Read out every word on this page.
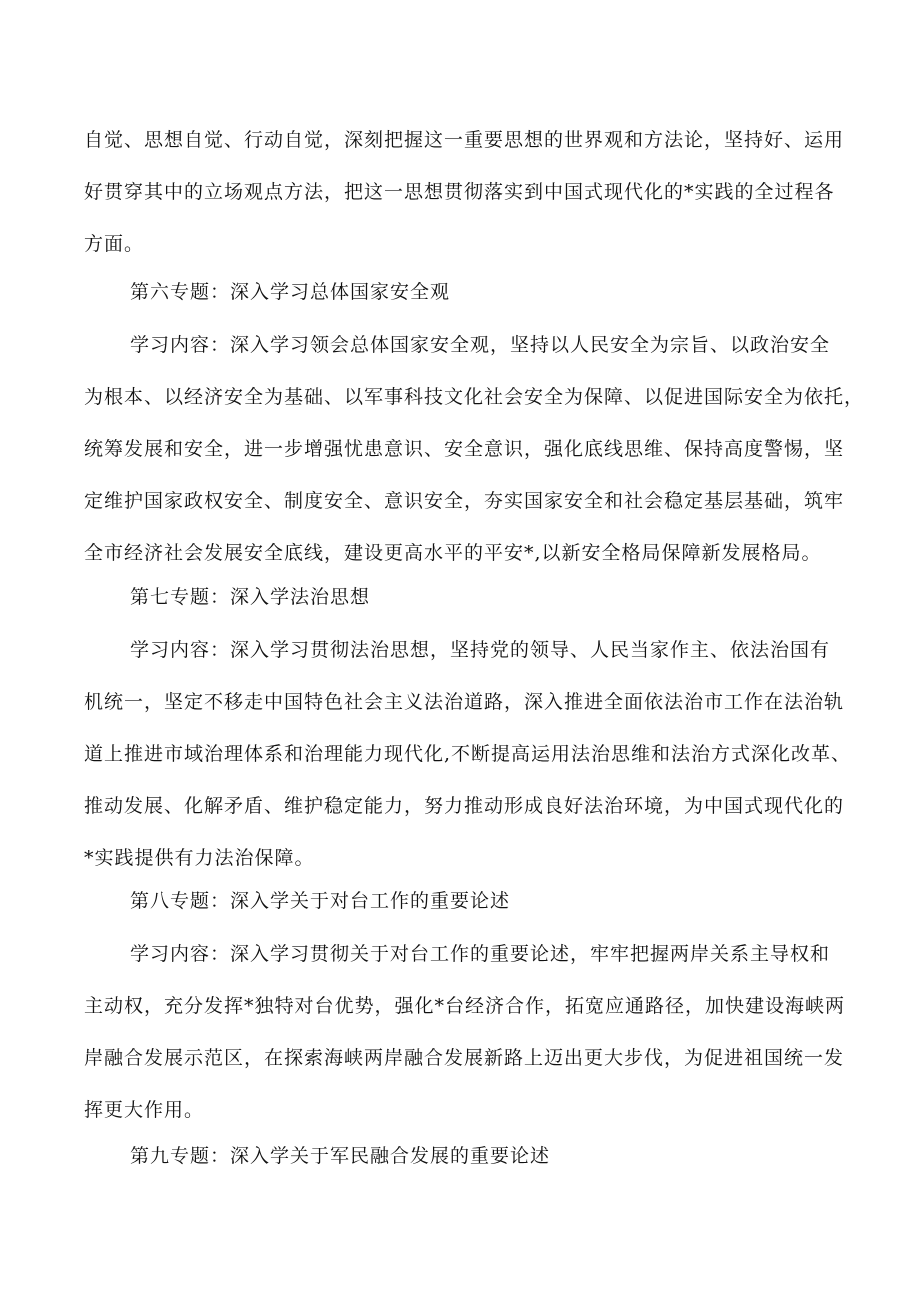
自觉、思想自觉、行动自觉，深刻把握这一重要思想的世界观和方法论，坚持好、运用
好贯穿其中的立场观点方法，把这一思想贯彻落实到中国式现代化的*实践的全过程各
方面。

第六专题：深入学习总体国家安全观

学习内容：深入学习领会总体国家安全观，坚持以人民安全为宗旨、以政治安全
为根本、以经济安全为基础、以军事科技文化社会安全为保障、以促进国际安全为依托，
统筹发展和安全，进一步增强忧患意识、安全意识，强化底线思维、保持高度警惕，坚
定维护国家政权安全、制度安全、意识安全，夯实国家安全和社会稳定基层基础，筑牢
全市经济社会发展安全底线，建设更高水平的平安*,以新安全格局保障新发展格局。

第七专题：深入学法治思想

学习内容：深入学习贯彻法治思想，坚持党的领导、人民当家作主、依法治国有
机统一，坚定不移走中国特色社会主义法治道路，深入推进全面依法治市工作在法治轨
道上推进市域治理体系和治理能力现代化,不断提高运用法治思维和法治方式深化改革、
推动发展、化解矛盾、维护稳定能力，努力推动形成良好法治环境，为中国式现代化的
*实践提供有力法治保障。

第八专题：深入学关于对台工作的重要论述

学习内容：深入学习贯彻关于对台工作的重要论述，牢牢把握两岸关系主导权和
主动权，充分发挥*独特对台优势，强化*台经济合作，拓宽应通路径，加快建设海峡两
岸融合发展示范区，在探索海峡两岸融合发展新路上迈出更大步伐，为促进祖国统一发
挥更大作用。

第九专题：深入学关于军民融合发展的重要论述
